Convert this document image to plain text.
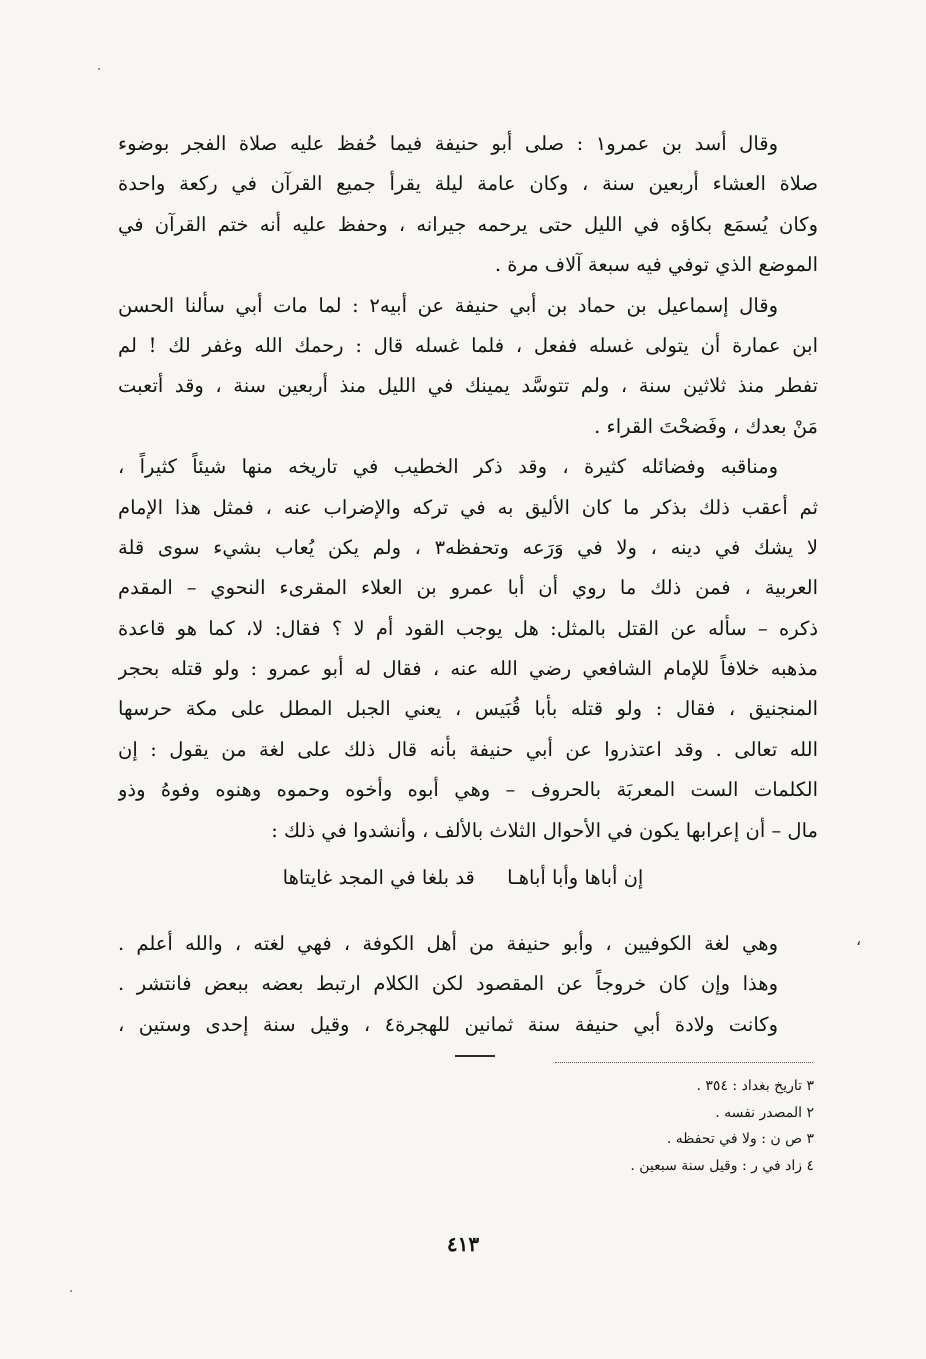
وقال أسد بن عمرو١ : صلى أبو حنيفة فيما حُفظ عليه صلاة الفجر بوضوء
صلاة العشاء أربعين سنة ، وكان عامة ليلة يقرأ جميع القرآن في ركعة واحدة
وكان يُسمَع بكاؤه في الليل حتى يرحمه جيرانه ، وحفظ عليه أنه ختم القرآن في
الموضع الذي توفي فيه سبعة آلاف مرة .
وقال إسماعيل بن حماد بن أبي حنيفة عن أبيه٢ : لما مات أبي سألنا الحسن
ابن عمارة أن يتولى غسله ففعل ، فلما غسله قال : رحمك الله وغفر لك ! لم
تفطر منذ ثلاثين سنة ، ولم تتوسَّد يمينك في الليل منذ أربعين سنة ، وقد أتعبت
مَنْ بعدك ، وفَضحْتَ القراء .
ومناقبه وفضائله كثيرة ، وقد ذكر الخطيب في تاريخه منها شيئاً كثيراً ،
ثم أعقب ذلك بذكر ما كان الأليق به في تركه والإضراب عنه ، فمثل هذا الإمام
لا يشك في دينه ، ولا في وَرَعه وتحفظه٣ ، ولم يكن يُعاب بشيء سوى قلة
العربية ، فمن ذلك ما روي أن أبا عمرو بن العلاء المقرىء النحوي – المقدم
ذكره – سأله عن القتل بالمثل: هل يوجب القود أم لا ؟ فقال: لا، كما هو قاعدة
مذهبه خلافاً للإمام الشافعي رضي الله عنه ، فقال له أبو عمرو : ولو قتله بحجر
المنجنيق ، فقال : ولو قتله بأبا قُبَيس ، يعني الجبل المطل على مكة حرسها
الله تعالى . وقد اعتذروا عن أبي حنيفة بأنه قال ذلك على لغة من يقول : إن
الكلمات الست المعربَة بالحروف – وهي أبوه وأخوه وحموه وهنوه وفوهُ وذو
مال – أن إعرابها يكون في الأحوال الثلاث بالألف ، وأنشدوا في ذلك :
إن أباها وأبا أباهـا قد بلغا في المجد غايتاها
،
وهي لغة الكوفيين ، وأبو حنيفة من أهل الكوفة ، فهي لغته ، والله أعلم .
وهذا وإن كان خروجاً عن المقصود لكن الكلام ارتبط بعضه ببعض فانتشر .
وكانت ولادة أبي حنيفة سنة ثمانين للهجرة٤ ، وقيل سنة إحدى وستين ،
٣ تاريخ بغداد : ٣٥٤ .
٢ المصدر نفسه .
٣ ص ن : ولا في تحفظه .
٤ زاد في ر : وقيل سنة سبعين .
٤١٣
